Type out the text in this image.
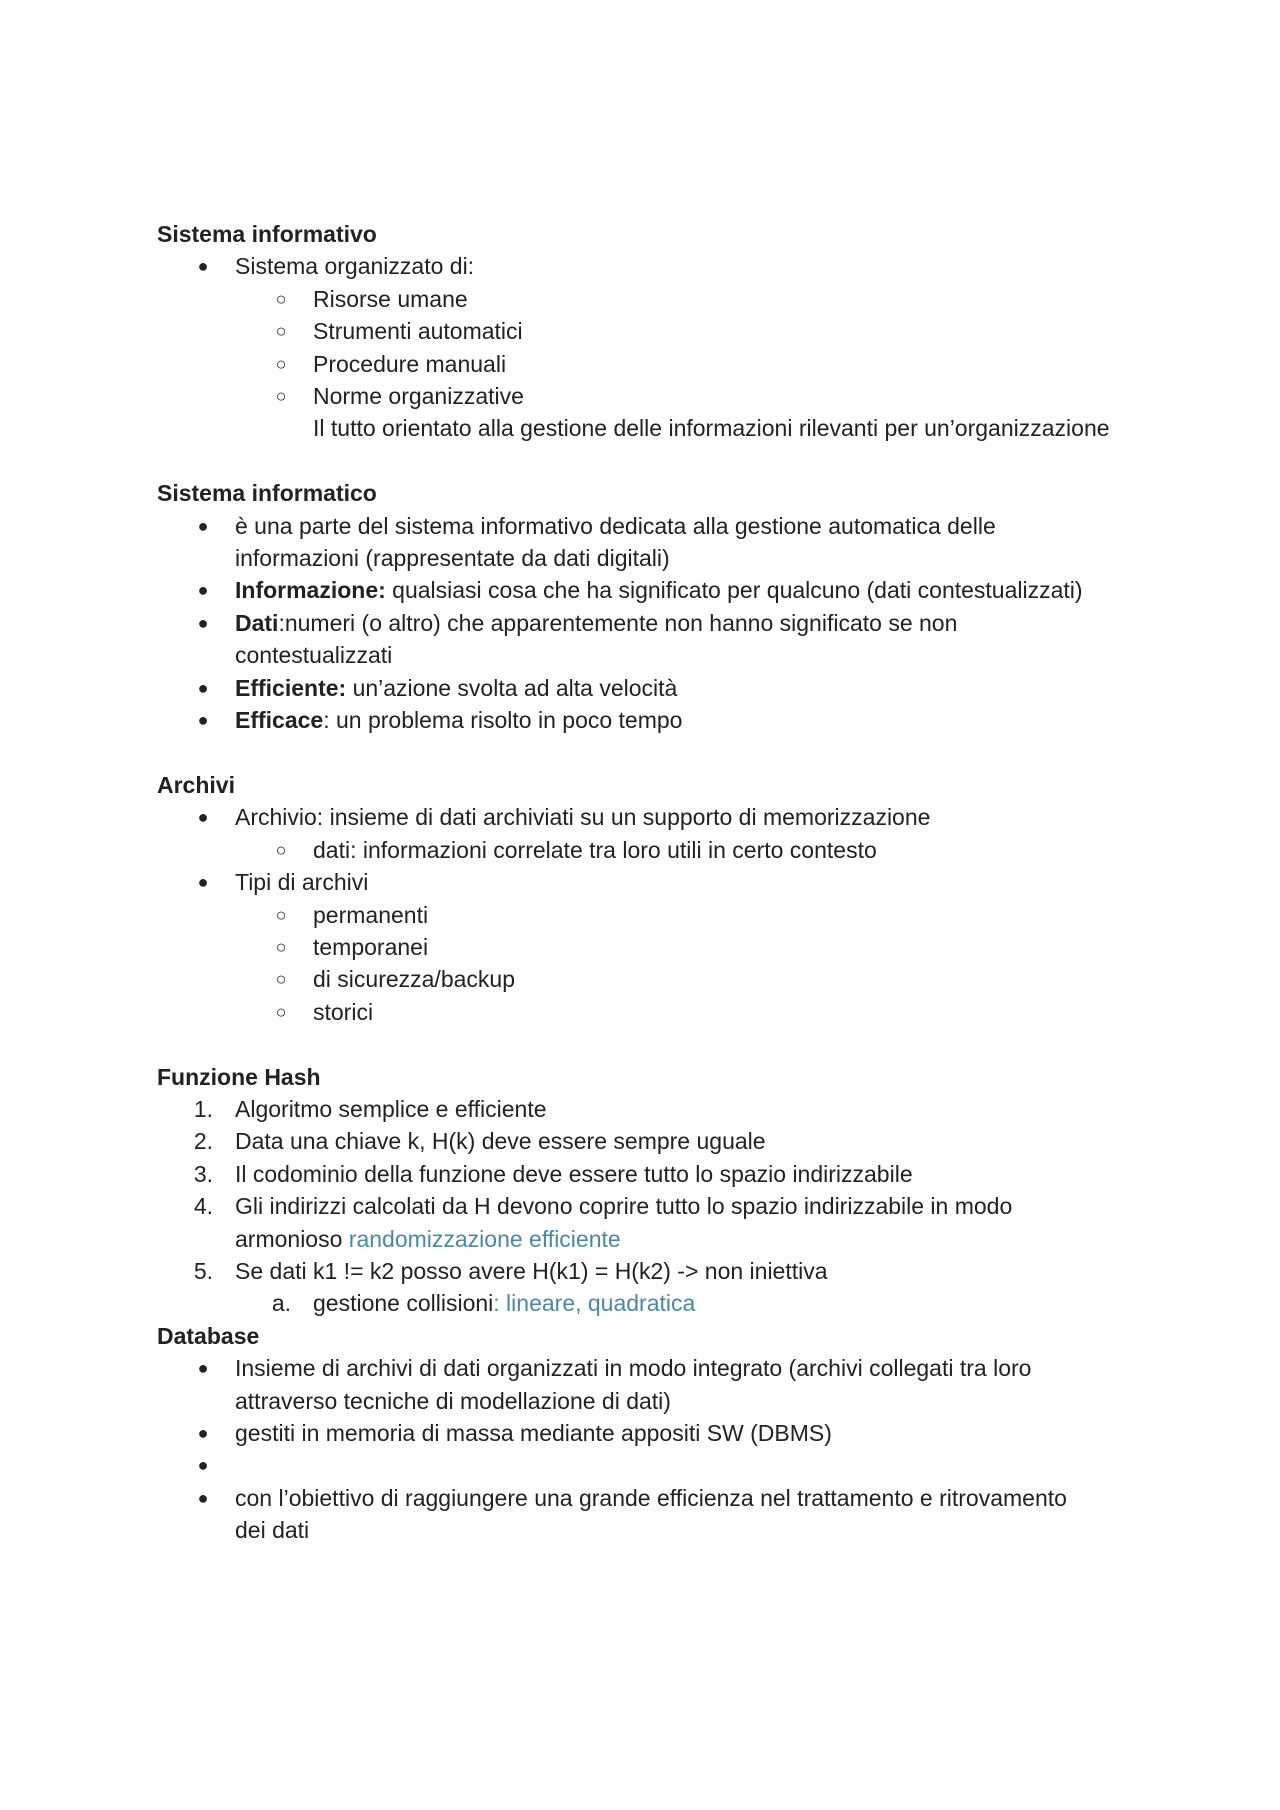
Sistema informativo

●	Sistema organizzato di:

○	Risorse umane

○	Strumenti automatici

○	Procedure manuali

○	Norme organizzative

Il tutto orientato alla gestione delle informazioni rilevanti per un’organizzazione

Sistema informatico

●	è una parte del sistema informativo dedicata alla gestione automatica delle

informazioni (rappresentate da dati digitali)

●	Informazione: qualsiasi cosa che ha significato per qualcuno (dati contestualizzati)

●	Dati:numeri (o altro) che apparentemente non hanno significato se non

contestualizzati

●	Efficiente: un’azione svolta ad alta velocità

●	Efficace: un problema risolto in poco tempo

Archivi

●	Archivio: insieme di dati archiviati su un supporto di memorizzazione

○	dati: informazioni correlate tra loro utili in certo contesto

●	Tipi di archivi

○	permanenti

○	temporanei

○	di sicurezza/backup

○	storici

Funzione Hash

1. Algoritmo semplice e efficiente

2. Data una chiave k, H(k) deve essere sempre uguale

3. Il codominio della funzione deve essere tutto lo spazio indirizzabile

4. Gli indirizzi calcolati da H devono coprire tutto lo spazio indirizzabile in modo

armonioso randomizzazione efficiente

5. Se dati k1 != k2 posso avere H(k1) = H(k2) -> non iniettiva

a. gestione collisioni: lineare, quadratica

Database

●	Insieme di archivi di dati organizzati in modo integrato (archivi collegati tra loro

attraverso tecniche di modellazione di dati)

●	gestiti in memoria di massa mediante appositi SW (DBMS)

●

●	con l’obiettivo di raggiungere una grande efficienza nel trattamento e ritrovamento

dei dati
